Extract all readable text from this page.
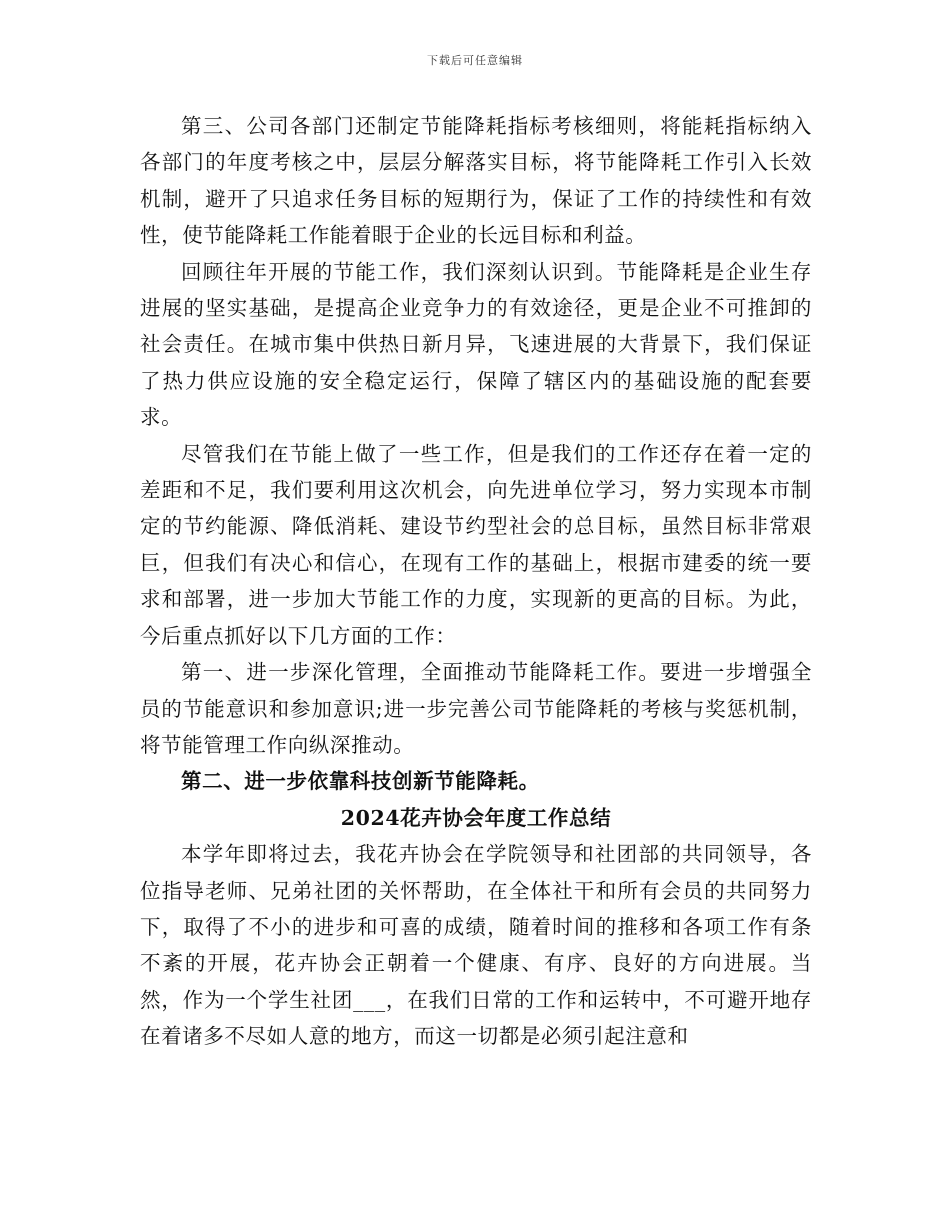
下载后可任意编辑

第三、公司各部门还制定节能降耗指标考核细则，将能耗指标纳入各部门的年度考核之中，层层分解落实目标，将节能降耗工作引入长效机制，避开了只追求任务目标的短期行为，保证了工作的持续性和有效性，使节能降耗工作能着眼于企业的长远目标和利益。

回顾往年开展的节能工作，我们深刻认识到。节能降耗是企业生存进展的坚实基础，是提高企业竞争力的有效途径，更是企业不可推卸的社会责任。在城市集中供热日新月异，飞速进展的大背景下，我们保证了热力供应设施的安全稳定运行，保障了辖区内的基础设施的配套要求。

尽管我们在节能上做了一些工作，但是我们的工作还存在着一定的差距和不足，我们要利用这次机会，向先进单位学习，努力实现本市制定的节约能源、降低消耗、建设节约型社会的总目标，虽然目标非常艰巨，但我们有决心和信心，在现有工作的基础上，根据市建委的统一要求和部署，进一步加大节能工作的力度，实现新的更高的目标。为此，今后重点抓好以下几方面的工作：

第一、进一步深化管理，全面推动节能降耗工作。要进一步增强全员的节能意识和参加意识;进一步完善公司节能降耗的考核与奖惩机制，将节能管理工作向纵深推动。

第二、进一步依靠科技创新节能降耗。

2024花卉协会年度工作总结

本学年即将过去，我花卉协会在学院领导和社团部的共同领导，各位指导老师、兄弟社团的关怀帮助，在全体社干和所有会员的共同努力下，取得了不小的进步和可喜的成绩，随着时间的推移和各项工作有条不紊的开展，花卉协会正朝着一个健康、有序、良好的方向进展。当然，作为一个学生社团___，在我们日常的工作和运转中，不可避开地存在着诸多不尽如人意的地方，而这一切都是必须引起注意和
